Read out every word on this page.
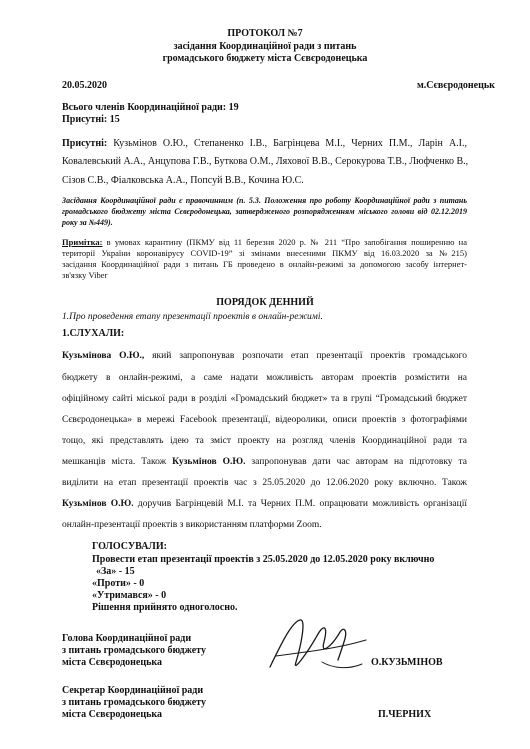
ПРОТОКОЛ №7
засідання Координаційної ради з питань
громадського бюджету міста Сєвєродонецька
20.05.2020	м.Сєвєродонецьк
Всього членів Координаційної ради: 19
Присутні: 15
Присутні: Кузьмінов О.Ю., Степаненко І.В., Багрінцева М.І., Черних П.М., Ларін А.І.,
Ковалевський А.А., Анцупова Г.В., Буткова О.М., Ляхової В.В., Серокурова Т.В., Люфченко В.,
Сізов С.В., Фіалковська А.А., Попсуй В.В., Кочина Ю.С.
Засідання Координаційної ради є правочинним (п. 5.3. Положення про роботу Координаційної ради з питань
громадського бюджету міста Сєвєродонецька, затвердженого розпорядженням міського голови від 02.12.2019
року за №449).
Примітка: в умовах карантину (ПКМУ від 11 березня 2020 р. № 211 “Про запобігання поширенню на
території України коронавірусу COVID-19” зі змінами внесеними ПКМУ від 16.03.2020 за №215)
засідання Координаційної ради з питань ГБ проведено в онлайн-режимі за допомогою засобу інтернет-
зв'язку Viber
ПОРЯДОК ДЕННИЙ
1.Про проведення етапу презентації проектів в онлайн-режимі.
1.СЛУХАЛИ:
Кузьмінова О.Ю., який запропонував розпочати етап презентації проектів громадського
бюджету в онлайн-режимі, а саме надати можливість авторам проектів розмістити на
офіційному сайті міської ради в розділі «Громадський бюджет» та в групі “Громадський бюджет
Сєвєродонецька» в мережі Facebook презентації, відеоролики, описи проектів з фотографіями
тощо, які представлять ідею та зміст проекту на розгляд членів Координаційної ради та
мешканців міста. Також Кузьмінов О.Ю. запропонував дати час авторам на підготовку та
виділити на етап презентації проектів час з 25.05.2020 до 12.06.2020 року включно. Також
Кузьмінов О.Ю. доручив Багрінцевій М.І. та Черних П.М. опрацювати можливість організації
онлайн-презентації проектів з використанням платформи Zoom.
ГОЛОСУВАЛИ:
Провести етап презентації проектів з 25.05.2020 до 12.05.2020 року включно
«За» - 15
«Проти» - 0
«Утримався» - 0
Рішення прийнято одноголосно.
Голова Координаційної ради
з питань громадського бюджету
міста Сєвєродонецька	О.КУЗЬМІНОВ
Секретар Координаційної ради
з питань громадського бюджету
міста Сєвєродонецька	П.ЧЕРНИХ
